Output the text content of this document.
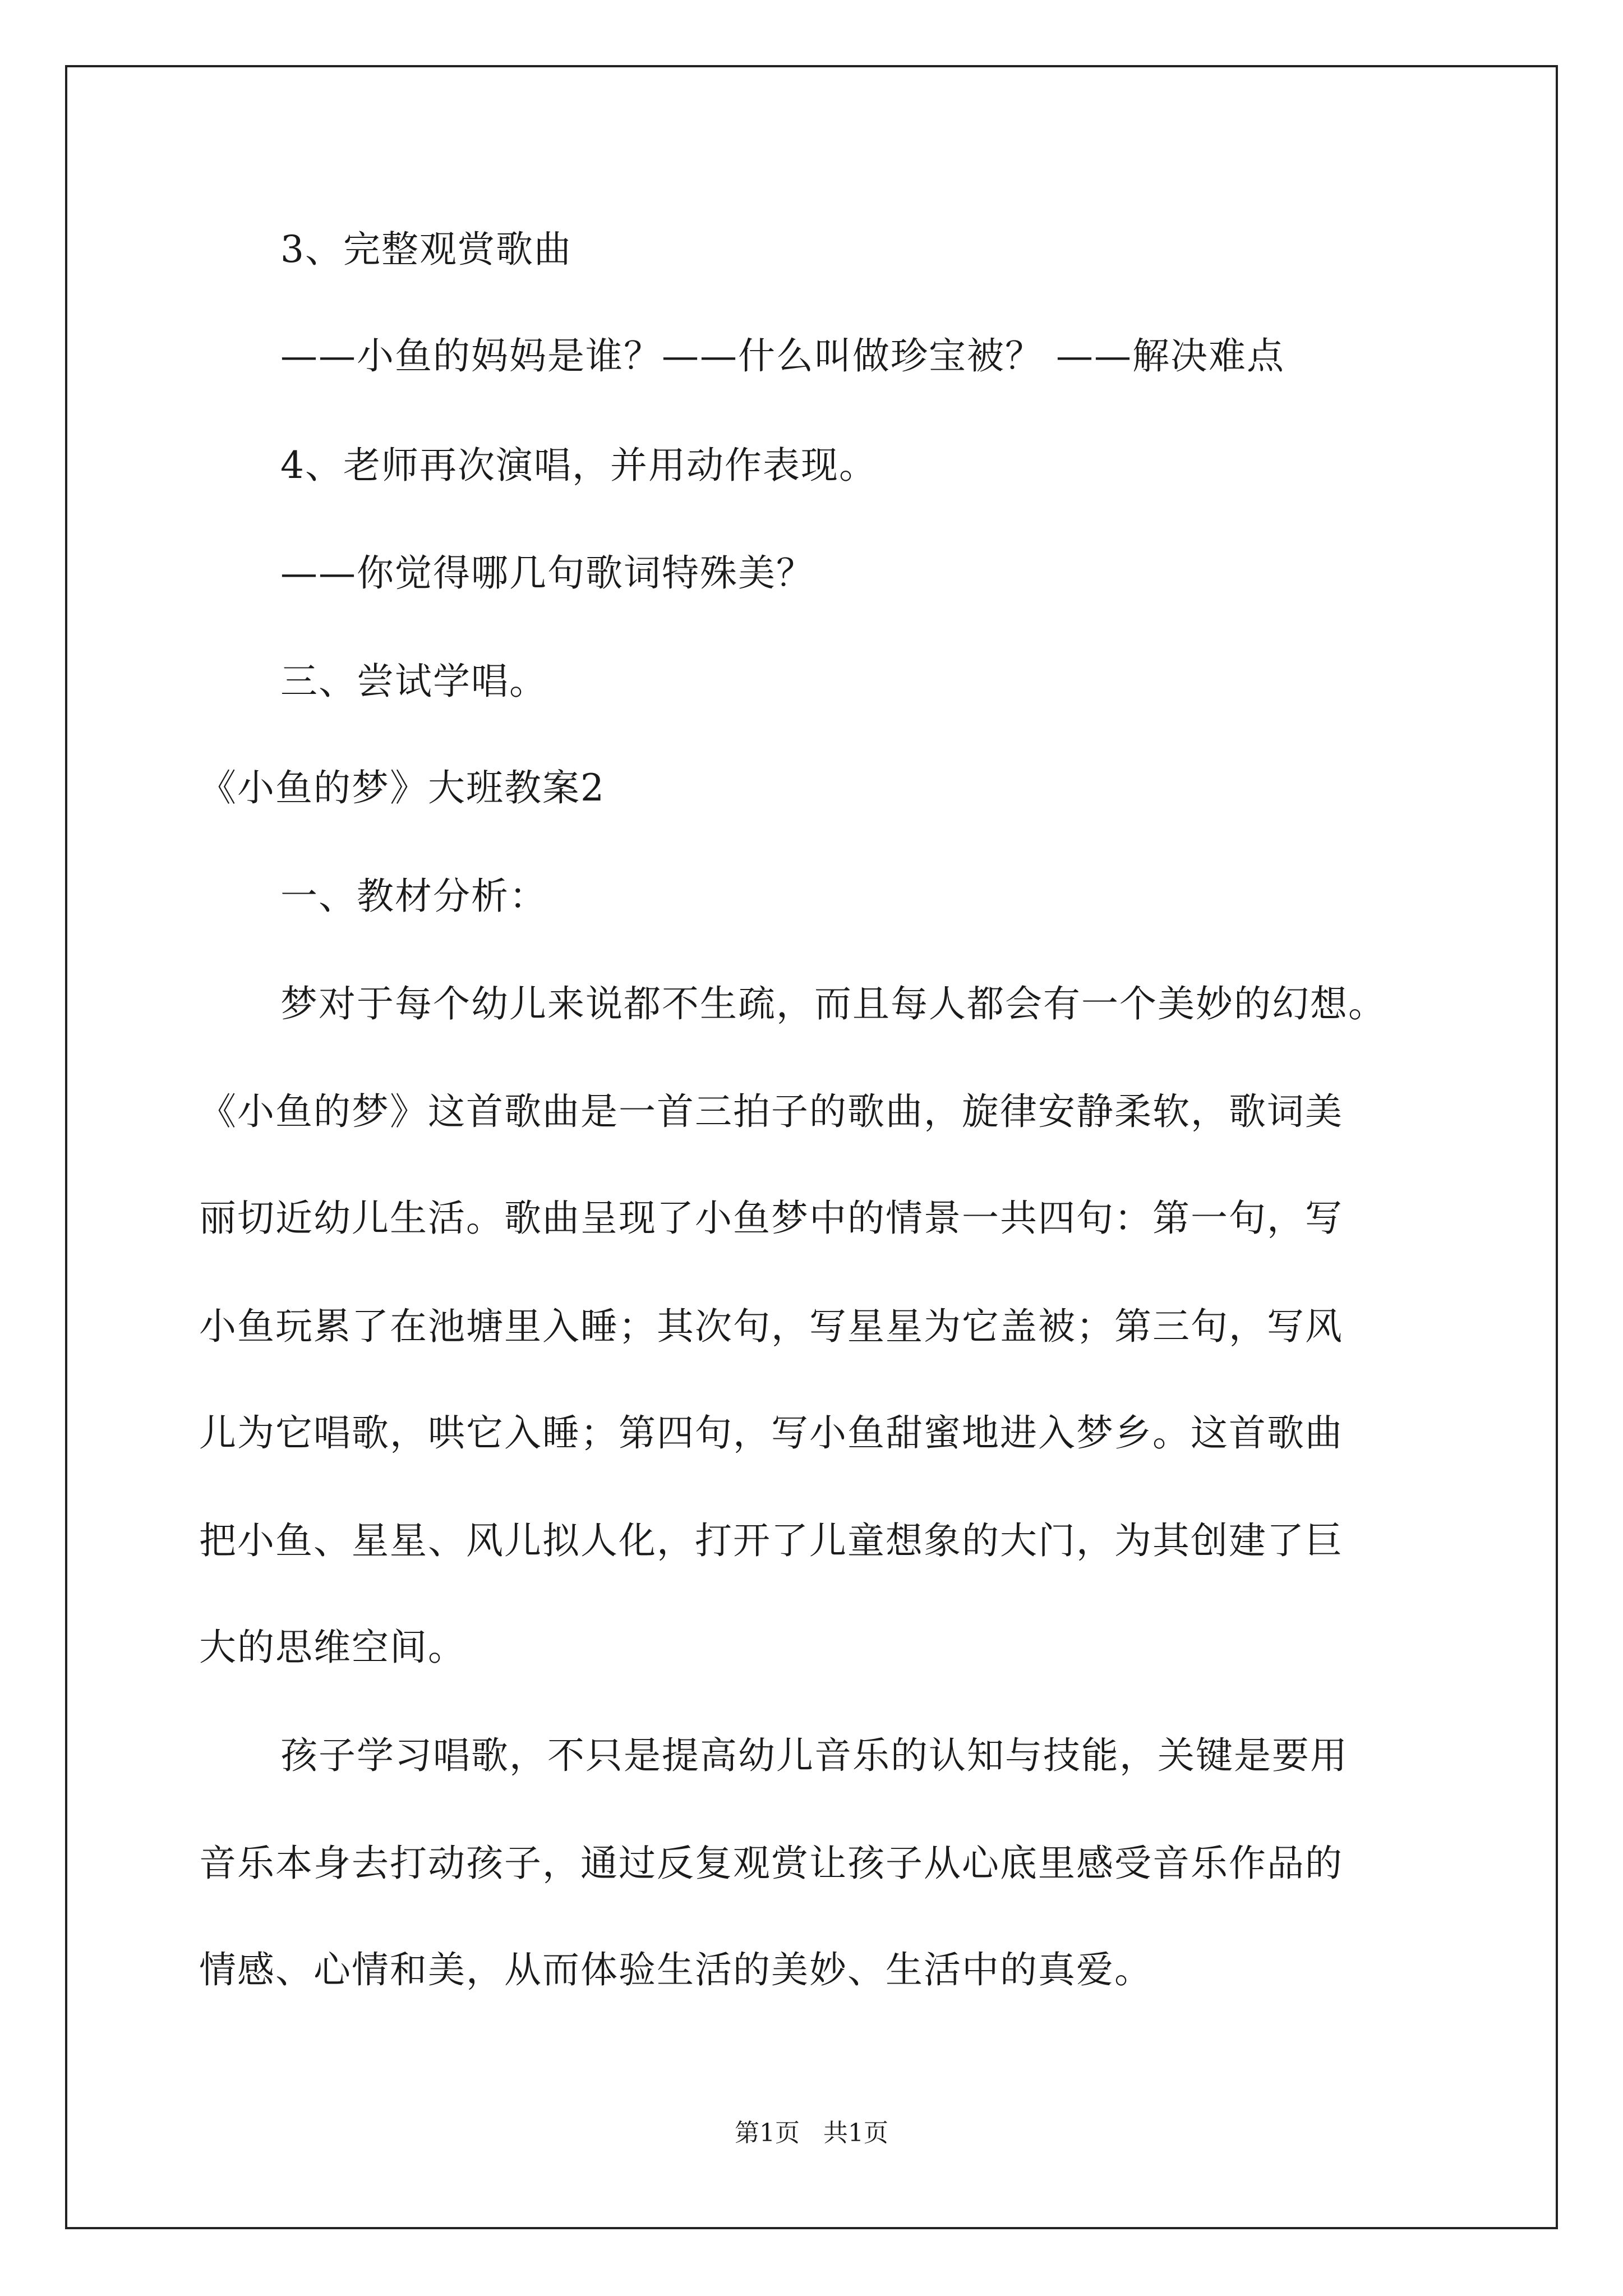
3、完整观赏歌曲
——小鱼的妈妈是谁？——什么叫做珍宝被？ ——解决难点
4、老师再次演唱，并用动作表现。
——你觉得哪几句歌词特殊美？
三、尝试学唱。
《小鱼的梦》大班教案2
一、教材分析：
梦对于每个幼儿来说都不生疏，而且每人都会有一个美妙的幻想。
《小鱼的梦》这首歌曲是一首三拍子的歌曲，旋律安静柔软，歌词美
丽切近幼儿生活。歌曲呈现了小鱼梦中的情景一共四句：第一句，写
小鱼玩累了在池塘里入睡；其次句，写星星为它盖被；第三句，写风
儿为它唱歌，哄它入睡；第四句，写小鱼甜蜜地进入梦乡。这首歌曲
把小鱼、星星、风儿拟人化，打开了儿童想象的大门，为其创建了巨
大的思维空间。
孩子学习唱歌，不只是提高幼儿音乐的认知与技能，关键是要用
音乐本身去打动孩子，通过反复观赏让孩子从心底里感受音乐作品的
情感、心情和美，从而体验生活的美妙、生活中的真爱。
第1页   共1页
